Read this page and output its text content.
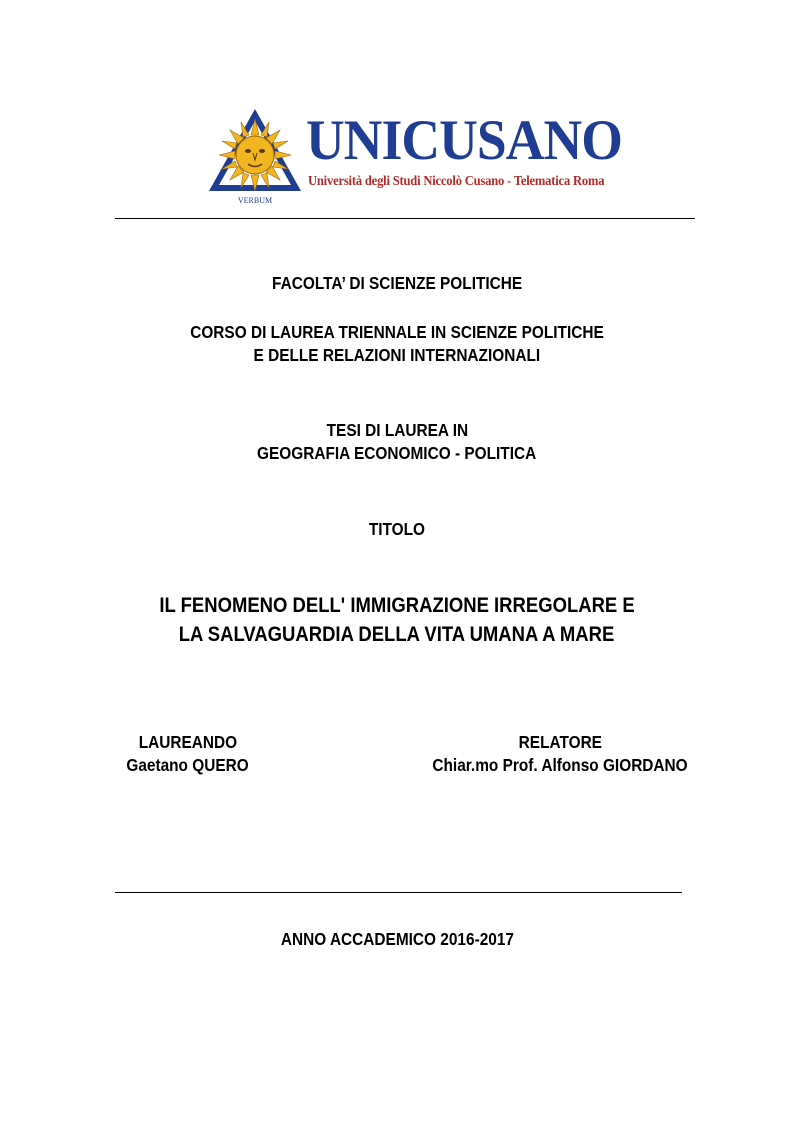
VERBUM
UNICUSANO
Università degli Studi Niccolò Cusano - Telematica Roma
FACOLTA’ DI SCIENZE POLITICHE
CORSO DI LAUREA TRIENNALE IN SCIENZE POLITICHE
E DELLE RELAZIONI INTERNAZIONALI
TESI DI LAUREA IN
GEOGRAFIA ECONOMICO - POLITICA
TITOLO
IL FENOMENO DELL' IMMIGRAZIONE IRREGOLARE E
LA SALVAGUARDIA DELLA VITA UMANA A MARE
LAUREANDO
Gaetano QUERO
RELATORE
Chiar.mo Prof. Alfonso GIORDANO
ANNO ACCADEMICO 2016-2017
